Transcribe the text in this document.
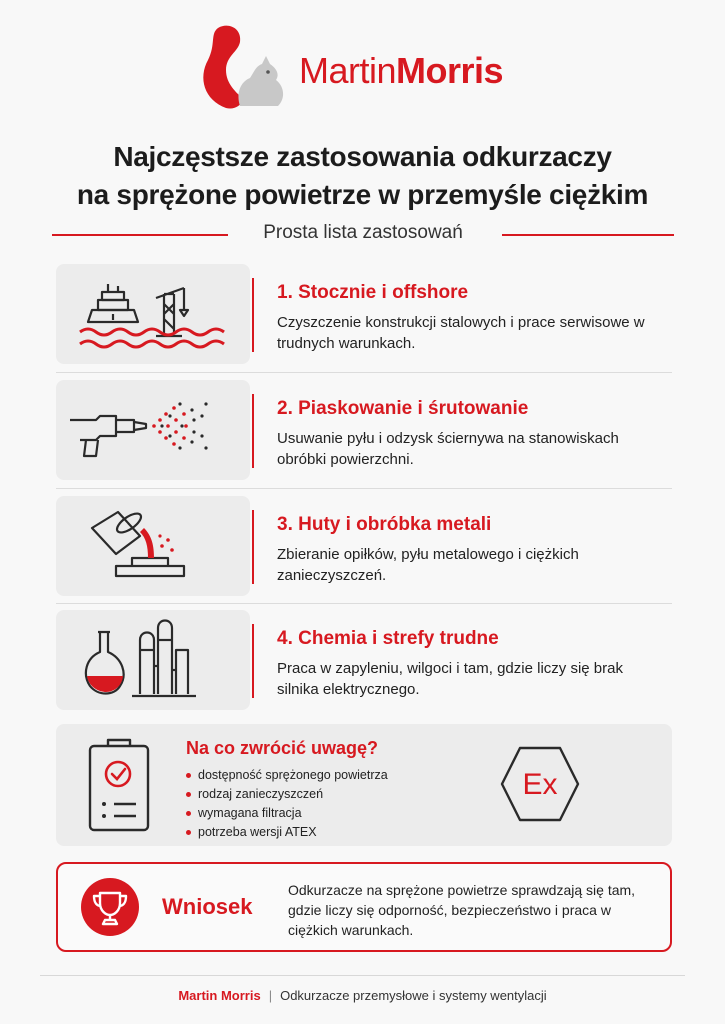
MartinMorris
Najczęstsze zastosowania odkurzaczy
na sprężone powietrze w przemyśle ciężkim
Prosta lista zastosowań
1. Stocznie i offshore
Czyszczenie konstrukcji stalowych i prace serwisowe w trudnych warunkach.
2. Piaskowanie i śrutowanie
Usuwanie pyłu i odzysk ściernywa na stanowiskach obróbki powierzchni.
3. Huty i obróbka metali
Zbieranie opiłków, pyłu metalowego i ciężkich zanieczyszczeń.
4. Chemia i strefy trudne
Praca w zapyleniu, wilgoci i tam, gdzie liczy się brak silnika elektrycznego.
Na co zwrócić uwagę?
dostępność sprężonego powietrza
rodzaj zanieczyszczeń
wymagana filtracja
potrzeba wersji ATEX
Ex
Wniosek
Odkurzacze na sprężone powietrze sprawdzają się tam, gdzie liczy się odporność, bezpieczeństwo i praca w ciężkich warunkach.
Martin Morris | Odkurzacze przemysłowe i systemy wentylacji
